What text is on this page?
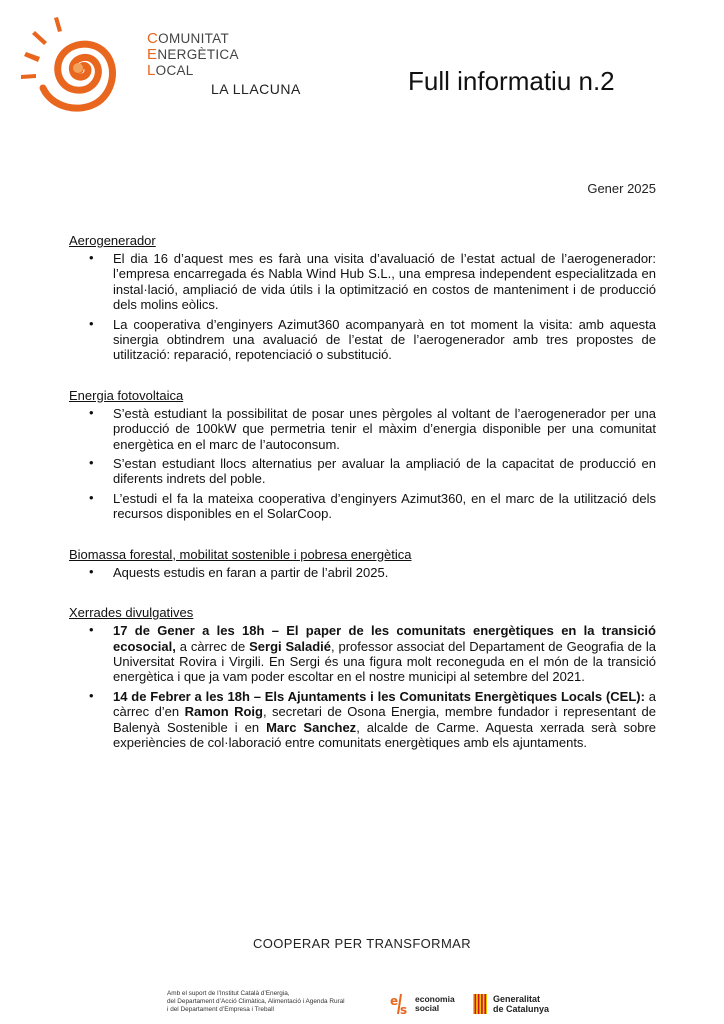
COMUNITAT
ENERGÈTICA
LOCAL
LA LLACUNA	Full informatiu n.2
Gener 2025
Aerogenerador
• El dia 16 d’aquest mes es farà una visita d’avaluació de l’estat actual de l’aerogenerador: l’empresa encarregada és Nabla Wind Hub S.L., una empresa independent especialitzada en instal·lació, ampliació de vida útils i la optimització en costos de manteniment i de producció dels molins eòlics.
• La cooperativa d’enginyers Azimut360 acompanyarà en tot moment la visita: amb aquesta sinergia obtindrem una avaluació de l’estat de l’aerogenerador amb tres propostes de utilització: reparació, repotenciació o substitució.
Energia fotovoltaica
• S’està estudiant la possibilitat de posar unes pèrgoles al voltant de l’aerogenerador per una producció de 100kW que permetria tenir el màxim d’energia disponible per una comunitat energètica en el marc de l’autoconsum.
• S’estan estudiant llocs alternatius per avaluar la ampliació de la capacitat de producció en diferents indrets del poble.
• L’estudi el fa la mateixa cooperativa d’enginyers Azimut360, en el marc de la utilització dels recursos disponibles en el SolarCoop.
Biomassa forestal, mobilitat sostenible i pobresa energètica
• Aquests estudis en faran a partir de l’abril 2025.
Xerrades divulgatives
• 17 de Gener a les 18h – El paper de les comunitats energètiques en la transició ecosocial, a càrrec de Sergi Saladié, professor associat del Departament de Geografia de la Universitat Rovira i Virgili. En Sergi és una figura molt reconeguda en el món de la transició energètica i que ja vam poder escoltar en el nostre municipi al setembre del 2021.
• 14 de Febrer a les 18h – Els Ajuntaments i les Comunitats Energètiques Locals (CEL): a càrrec d’en Ramon Roig, secretari de Osona Energia, membre fundador i representant de Balenyà Sostenible i en Marc Sanchez, alcalde de Carme. Aquesta xerrada serà sobre experiències de col·laboració entre comunitats energètiques amb els ajuntaments.
COOPERAR PER TRANSFORMAR
Amb el suport de l’Institut Català d’Energia,
del Departament d’Acció Climàtica, Alimentació i Agenda Rural
i del Departament d’Empresa i Treball
e
s
economia
social
Generalitat
de Catalunya
